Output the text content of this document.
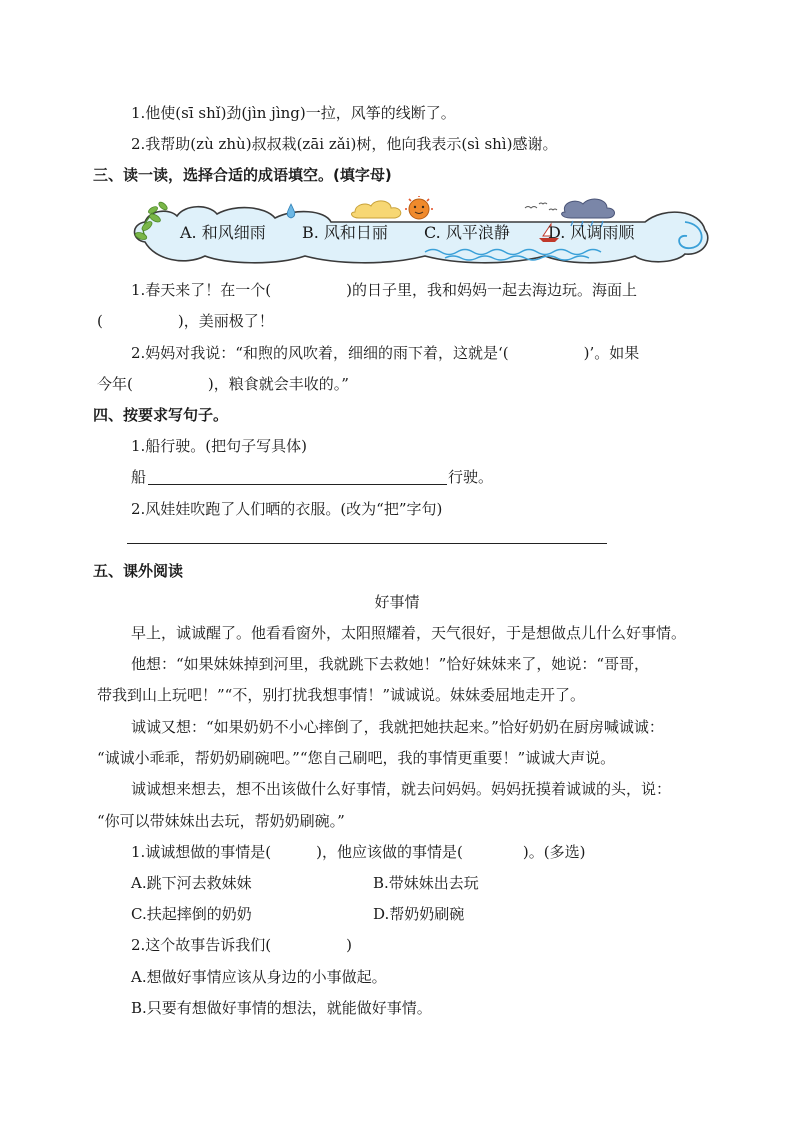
1.他使(sī shǐ)劲(jìn jìng)一拉，风筝的线断了。
2.我帮助(zù zhù)叔叔栽(zāi zǎi)树，他向我表示(sì shì)感谢。
三、读一读，选择合适的成语填空。(填字母)
A. 和风细雨 B. 风和日丽 C. 风平浪静 D. 风调雨顺
1.春天来了！在一个(　　　　　)的日子里，我和妈妈一起去海边玩。海面上
(　　　　　)，美丽极了！
2.妈妈对我说：“和煦的风吹着，细细的雨下着，这就是‘(　　　　　)’。如果
今年(　　　　　)，粮食就会丰收的。”
四、按要求写句子。
1.船行驶。(把句子写具体)
船	行驶。
2.风娃娃吹跑了人们晒的衣服。(改为“把”字句)
五、课外阅读
好事情
早上，诚诚醒了。他看看窗外，太阳照耀着，天气很好，于是想做点儿什么好事情。
他想：“如果妹妹掉到河里，我就跳下去救她！”恰好妹妹来了，她说：“哥哥，
带我到山上玩吧！”“不，别打扰我想事情！”诚诚说。妹妹委屈地走开了。
诚诚又想：“如果奶奶不小心摔倒了，我就把她扶起来。”恰好奶奶在厨房喊诚诚：
“诚诚小乖乖，帮奶奶刷碗吧。”“您自己刷吧，我的事情更重要！”诚诚大声说。
诚诚想来想去，想不出该做什么好事情，就去问妈妈。妈妈抚摸着诚诚的头，说：
“你可以带妹妹出去玩，帮奶奶刷碗。”
1.诚诚想做的事情是(　　　)，他应该做的事情是(　　　　)。(多选)
A.跳下河去救妹妹	B.带妹妹出去玩
C.扶起摔倒的奶奶	D.帮奶奶刷碗
2.这个故事告诉我们(　　　　　)
A.想做好事情应该从身边的小事做起。
B.只要有想做好事情的想法，就能做好事情。
